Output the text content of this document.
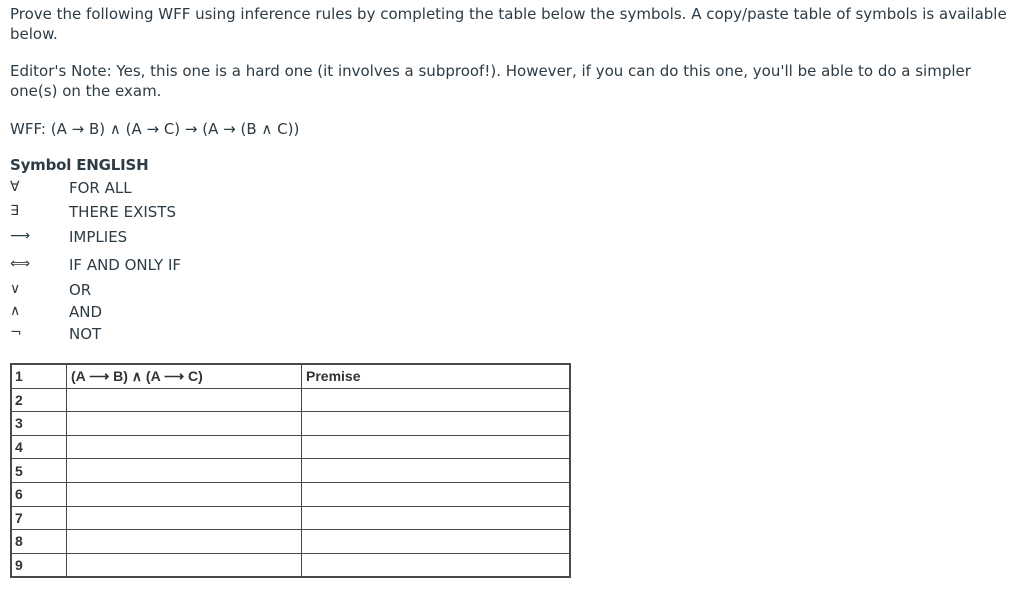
Prove the following WFF using inference rules by completing the table below the symbols. A copy/paste table of symbols is available below.

Editor's Note: Yes, this one is a hard one (it involves a subproof!). However, if you can do this one, you'll be able to do a simpler one(s) on the exam.

WFF: (A → B) ∧ (A → C) → (A → (B ∧ C))

Symbol ENGLISH
∀	FOR ALL
∃	THERE EXISTS
⟶	IMPLIES
⟺	IF AND ONLY IF
∨	OR
∧	AND
¬	NOT
1	(A ⟶ B) ∧ (A ⟶ C)	Premise
2		
3		
4		
5		
6		
7		
8		
9		
